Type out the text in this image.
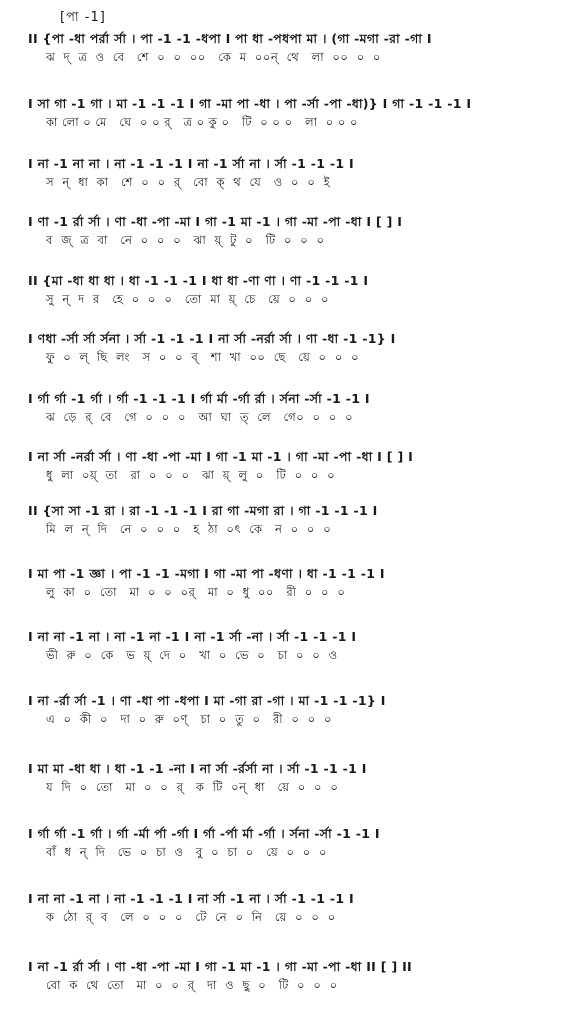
[পা -1]
II {পা -ধা পর্রা র্সা । পা -1 -1 -ধপা I পা ধা -পধপা মা । (গা -মগা -রা -গা I
ঝ  দ্  ত্র  ও  বে   শে  ০  ০  ০০   কে  ম  ০০ন্  থে   লা  ০০  ০  ০
I সা গা -1 গা । মা -1 -1 -1 I গা -মা পা -ধা । পা -র্সা -পা -ধা)} I গা -1 -1 -1 I
কা লো ০ মে   ঘে  ০ ০ র্   ত্র ০ কু ০   টি  ০ ০ ০   লা  ০ ০ ০
I না -1 না না । না -1 -1 -1 I না -1 র্সা না । র্সা -1 -1 -1 I
স  ন্  ধা  কা   শে  ০  ০  র্   বো  ক্  থ  যে   ও  ০  ০  ই
I ণা -1 র্রা র্সা । ণা -ধা -পা -মা I গা -1 মা -1 । গা -মা -পা -ধা I [ ] I
ব  জ্  ত্র  বা   নে  ০  ০  ০   ঝা  য়্  টু  ০   টি  ০  ০  ০
II {মা -ধা ধা ধা । ধা -1 -1 -1 I ধা ধা -ণা ণা । ণা -1 -1 -1 I
সু  ন্  দ  র   হে  ০  ০  ০   তো  মা  য়্  চে   য়ে  ০  ০  ০
I ণধা -র্সা র্সা র্সনা । র্সা -1 -1 -1 I না র্সা -নর্রা র্সা । ণা -ধা -1 -1} I
ফু  ০  ল্  ছি  লং   স  ০  ০  ব্   শা  খা  ০০  ছে   য়ে  ০  ০  ০
I র্গা র্গা -1 র্গা । র্গা -1 -1 -1 I র্গা র্মা -র্গা র্রা । র্সনা -র্সা -1 -1 I
ঝ  ড়ে  র্  বে   গে  ০  ০  ০   আ  ঘা  ত্  লে   গে০  ০  ০  ০
I না র্সা -নর্রা র্সা । ণা -ধা -পা -মা I গা -1 মা -1 । গা -মা -পা -ধা I [ ] I
ধু  লা  ০য়্  তা   রা  ০  ০  ০   ঝা  য়্  লু  ০   টি  ০  ০  ০
II {সা সা -1 রা । রা -1 -1 -1 I রা গা -মগা রা । গা -1 -1 -1 I
মি  ল  ন্  দি   নে  ০  ০  ০   হ  ঠা  ০ৎ  কে   ন  ০  ০  ০
I মা পা -1 জ্ঞা । পা -1 -1 -মগা I গা -মা পা -ধণা । ধা -1 -1 -1 I
লু  কা  ০  তো   মা  ০  ০  ০র্   মা  ০  ধু  ০০   রী  ০  ০  ০
I না না -1 না । না -1 না -1 I না -1 র্সা -না । র্সা -1 -1 -1 I
ভী  রু  ০  কে   ভ  য়্  দে  ০   খা  ০  ভে  ০   চা  ০  ০  ও
I না -র্রা র্সা -1 । ণা -ধা পা -ধপা I মা -গা রা -গা । মা -1 -1 -1} I
এ  ০  কী  ০   দা  ০  রু  ০ণ্   চা  ০  তু  ০   রী  ০  ০  ০
I মা মা -ধা ধা । ধা -1 -1 -না I না র্সা -র্রর্সা না । র্সা -1 -1 -1 I
য  দি  ০  তো   মা  ০  ০  র্   ক  টি  ০ন্  ধা   য়ে  ০  ০  ০
I র্গা র্গা -1 র্গা । র্গা -র্মা র্পা -র্গা I র্গা -র্পা র্মা -র্গা । র্সনা -র্সা -1 -1 I
বাঁ  ধ  ন্  দি   ভে  ০  চা  ও   বু  ০  চা  ০   য়ে  ০  ০  ০
I না না -1 না । না -1 -1 -1 I না র্সা -1 না । র্সা -1 -1 -1 I
ক  ঠো  র্  ব   লে  ০  ০  ০   টে  নে  ০  নি   য়ে  ০  ০  ০
I না -1 র্রা র্সা । ণা -ধা -পা -মা I গা -1 মা -1 । গা -মা -পা -ধা II [ ] II
বো  ক  থে  তো   মা  ০  ০  র্   দা  ও  ছু  ০   টি  ০  ০  ০
